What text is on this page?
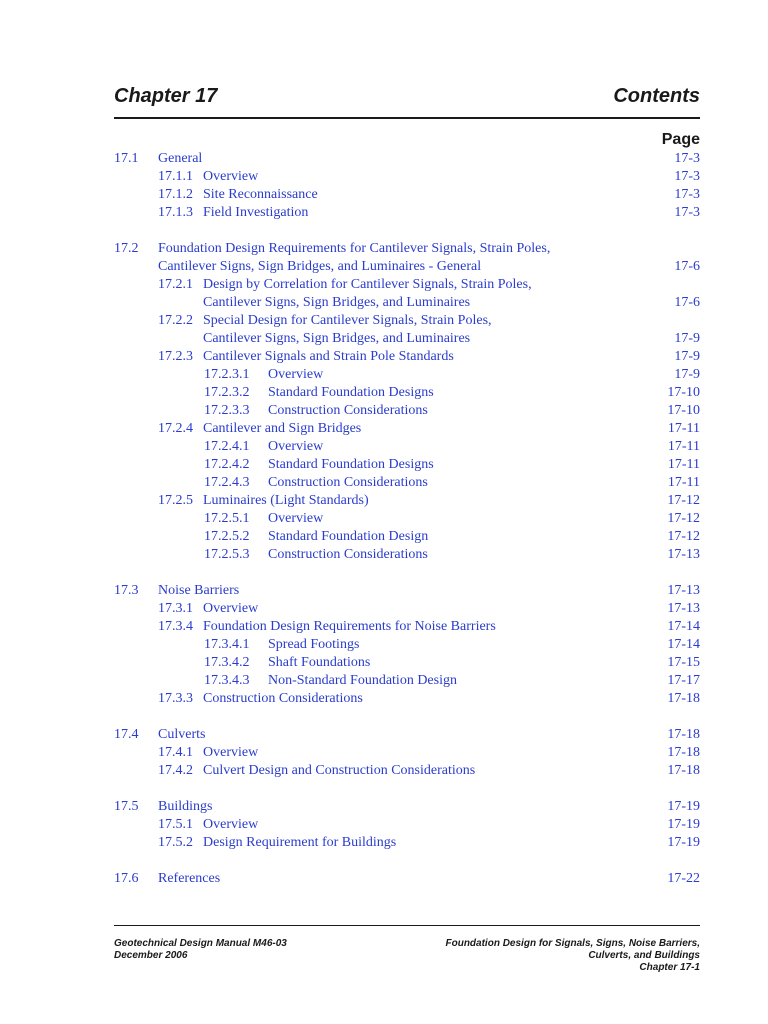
Chapter 17	Contents
Page
17.1 General	17-3
17.1.1 Overview	17-3
17.1.2 Site Reconnaissance	17-3
17.1.3 Field Investigation	17-3
17.2 Foundation Design Requirements for Cantilever Signals, Strain Poles,
Cantilever Signs, Sign Bridges, and Luminaires - General	17-6
17.2.1 Design by Correlation for Cantilever Signals, Strain Poles,
Cantilever Signs, Sign Bridges, and Luminaires	17-6
17.2.2 Special Design for Cantilever Signals, Strain Poles,
Cantilever Signs, Sign Bridges, and Luminaires	17-9
17.2.3 Cantilever Signals and Strain Pole Standards	17-9
17.2.3.1 Overview	17-9
17.2.3.2 Standard Foundation Designs	17-10
17.2.3.3 Construction Considerations	17-10
17.2.4 Cantilever and Sign Bridges	17-11
17.2.4.1 Overview	17-11
17.2.4.2 Standard Foundation Designs	17-11
17.2.4.3 Construction Considerations	17-11
17.2.5 Luminaires (Light Standards)	17-12
17.2.5.1 Overview	17-12
17.2.5.2 Standard Foundation Design	17-12
17.2.5.3 Construction Considerations	17-13
17.3 Noise Barriers	17-13
17.3.1 Overview	17-13
17.3.4 Foundation Design Requirements for Noise Barriers	17-14
17.3.4.1 Spread Footings	17-14
17.3.4.2 Shaft Foundations	17-15
17.3.4.3 Non-Standard Foundation Design	17-17
17.3.3 Construction Considerations	17-18
17.4 Culverts	17-18
17.4.1 Overview	17-18
17.4.2 Culvert Design and Construction Considerations	17-18
17.5 Buildings	17-19
17.5.1 Overview	17-19
17.5.2 Design Requirement for Buildings	17-19
17.6 References	17-22
Geotechnical Design Manual M46-03
December 2006
Foundation Design for Signals, Signs, Noise Barriers,
Culverts, and Buildings
Chapter 17-1
